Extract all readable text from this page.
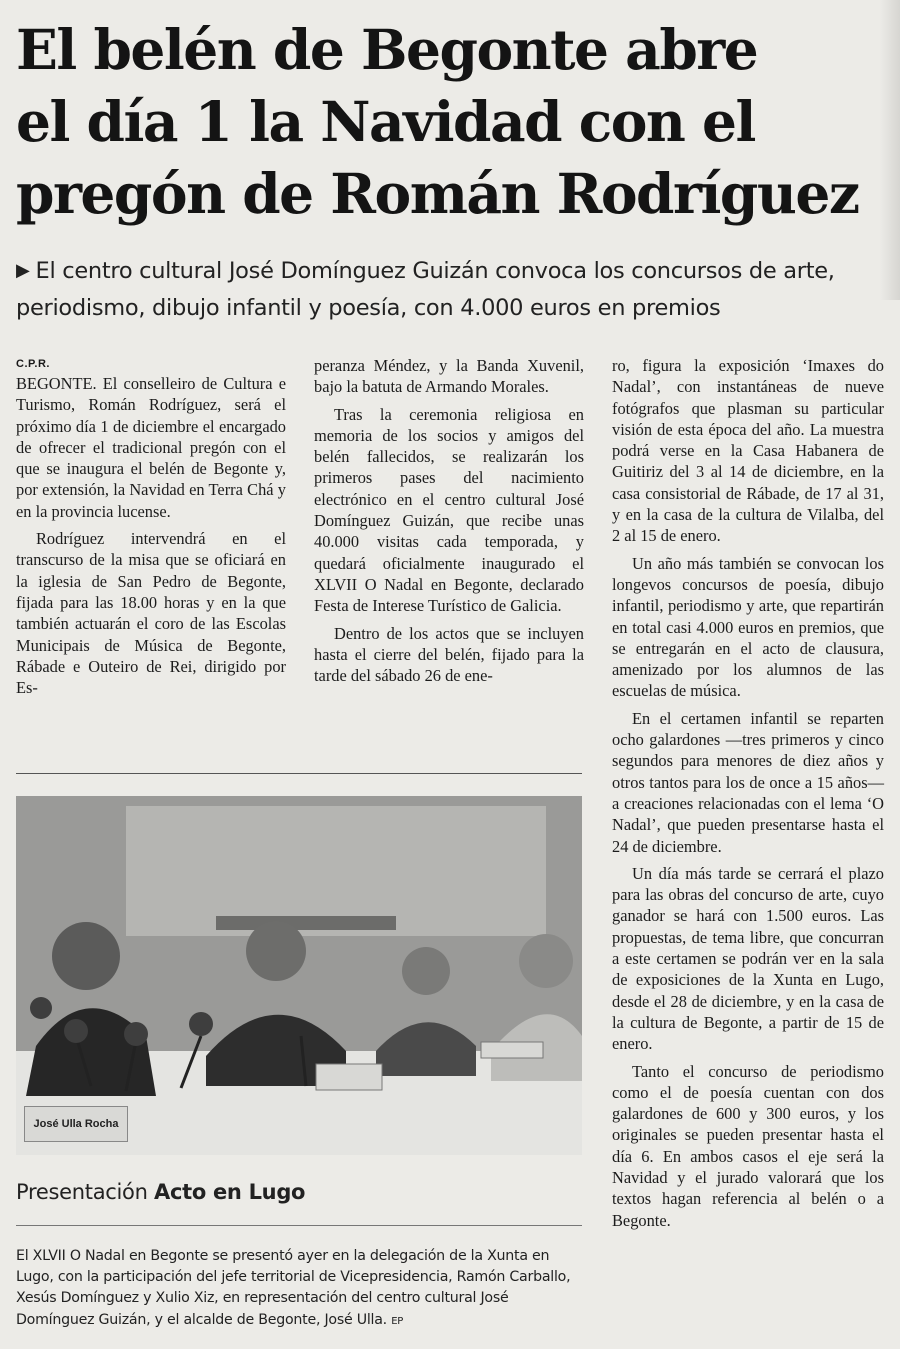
El belén de Begonte abre
el día 1 la Navidad con el
pregón de Román Rodríguez
▶ El centro cultural José Domínguez Guizán convoca los concursos de arte, periodismo, dibujo infantil y poesía, con 4.000 euros en premios
C.P.R.

BEGONTE. El conselleiro de Cultura e Turismo, Román Rodríguez, será el próximo día 1 de diciembre el encargado de ofrecer el tradicional pregón con el que se inaugura el belén de Begonte y, por extensión, la Navidad en Terra Chá y en la provincia lucense.

Rodríguez intervendrá en el transcurso de la misa que se oficiará en la iglesia de San Pedro de Begonte, fijada para las 18.00 horas y en la que también actuarán el coro de las Escolas Municipais de Música de Begonte, Rábade e Outeiro de Rei, dirigido por Es-

peranza Méndez, y la Banda Xuvenil, bajo la batuta de Armando Morales.

Tras la ceremonia religiosa en memoria de los socios y amigos del belén fallecidos, se realizarán los primeros pases del nacimiento electrónico en el centro cultural José Domínguez Guizán, que recibe unas 40.000 visitas cada temporada, y quedará oficialmente inaugurado el XLVII O Nadal en Begonte, declarado Festa de Interese Turístico de Galicia.

Dentro de los actos que se incluyen hasta el cierre del belén, fijado para la tarde del sábado 26 de ene-

ro, figura la exposición ‘Imaxes do Nadal’, con instantáneas de nueve fotógrafos que plasman su particular visión de esta época del año. La muestra podrá verse en la Casa Habanera de Guitiriz del 3 al 14 de diciembre, en la casa consistorial de Rábade, de 17 al 31, y en la casa de la cultura de Vilalba, del 2 al 15 de enero.

Un año más también se convocan los longevos concursos de poesía, dibujo infantil, periodismo y arte, que repartirán en total casi 4.000 euros en premios, que se entregarán en el acto de clausura, amenizado por los alumnos de las escuelas de música.

En el certamen infantil se reparten ocho galardones —tres primeros y cinco segundos para menores de diez años y otros tantos para los de once a 15 años— a creaciones relacionadas con el lema ‘O Nadal’, que pueden presentarse hasta el 24 de diciembre.

Un día más tarde se cerrará el plazo para las obras del concurso de arte, cuyo ganador se hará con 1.500 euros. Las propuestas, de tema libre, que concurran a este certamen se podrán ver en la sala de exposiciones de la Xunta en Lugo, desde el 28 de diciembre, y en la casa de la cultura de Begonte, a partir de 15 de enero.

Tanto el concurso de periodismo como el de poesía cuentan con dos galardones de 600 y 300 euros, y los originales se pueden presentar hasta el día 6. En ambos casos el eje será la Navidad y el jurado valorará que los textos hagan referencia al belén o a Begonte.

José Ulla Rocha
Presentación Acto en Lugo
El XLVII O Nadal en Begonte se presentó ayer en la delegación de la Xunta en Lugo, con la participación del jefe territorial de Vicepresidencia, Ramón Carballo, Xesús Domínguez y Xulio Xiz, en representación del centro cultural José Domínguez Guizán, y el alcalde de Begonte, José Ulla. EP
